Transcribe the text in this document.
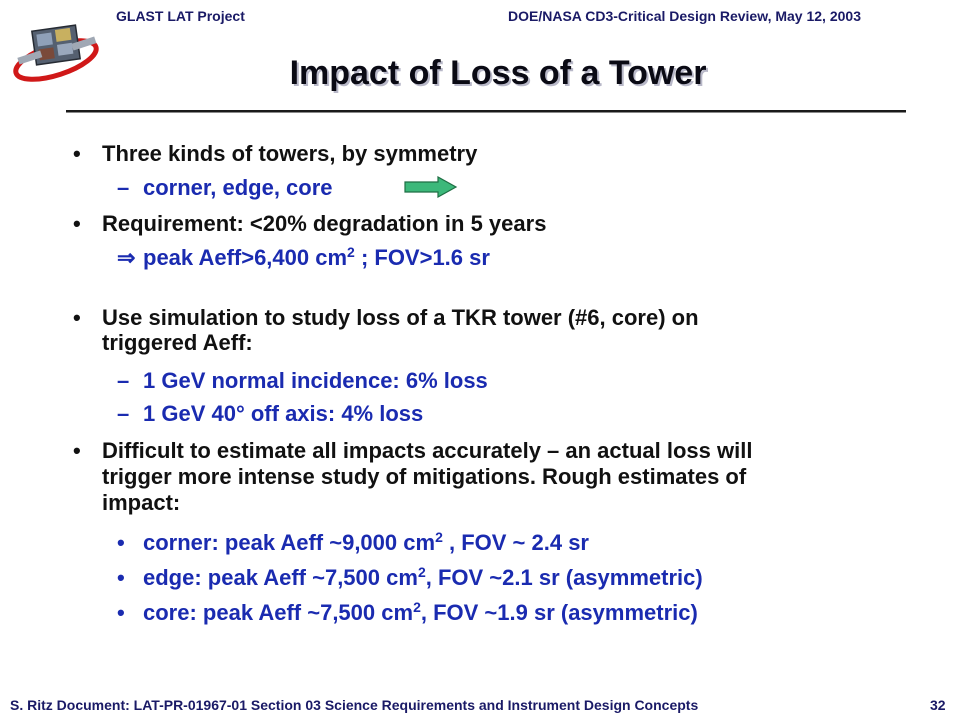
GLAST LAT Project	DOE/NASA CD3-Critical Design Review, May 12, 2003
Impact of Loss of a Tower
• Three kinds of towers, by symmetry
– corner, edge, core
• Requirement: <20% degradation in 5 years
⇒ peak Aeff>6,400 $cm^2$ ; FOV>1.6 sr
• Use simulation to study loss of a TKR tower (#6, core) on
triggered Aeff:
– 1 GeV normal incidence: 6% loss
– 1 GeV 40° off axis: 4% loss
• Difficult to estimate all impacts accurately – an actual loss will
trigger more intense study of mitigations. Rough estimates of
impact:
• corner: peak Aeff ~9,000 $cm^2$ , FOV ~ 2.4 sr
• edge: peak Aeff ~7,500 $cm^2$, FOV ~2.1 sr (asymmetric)
• core: peak Aeff ~7,500 $cm^2$, FOV ~1.9 sr (asymmetric)
S. Ritz Document: LAT-PR-01967-01 Section 03 Science Requirements and Instrument Design Concepts	32
